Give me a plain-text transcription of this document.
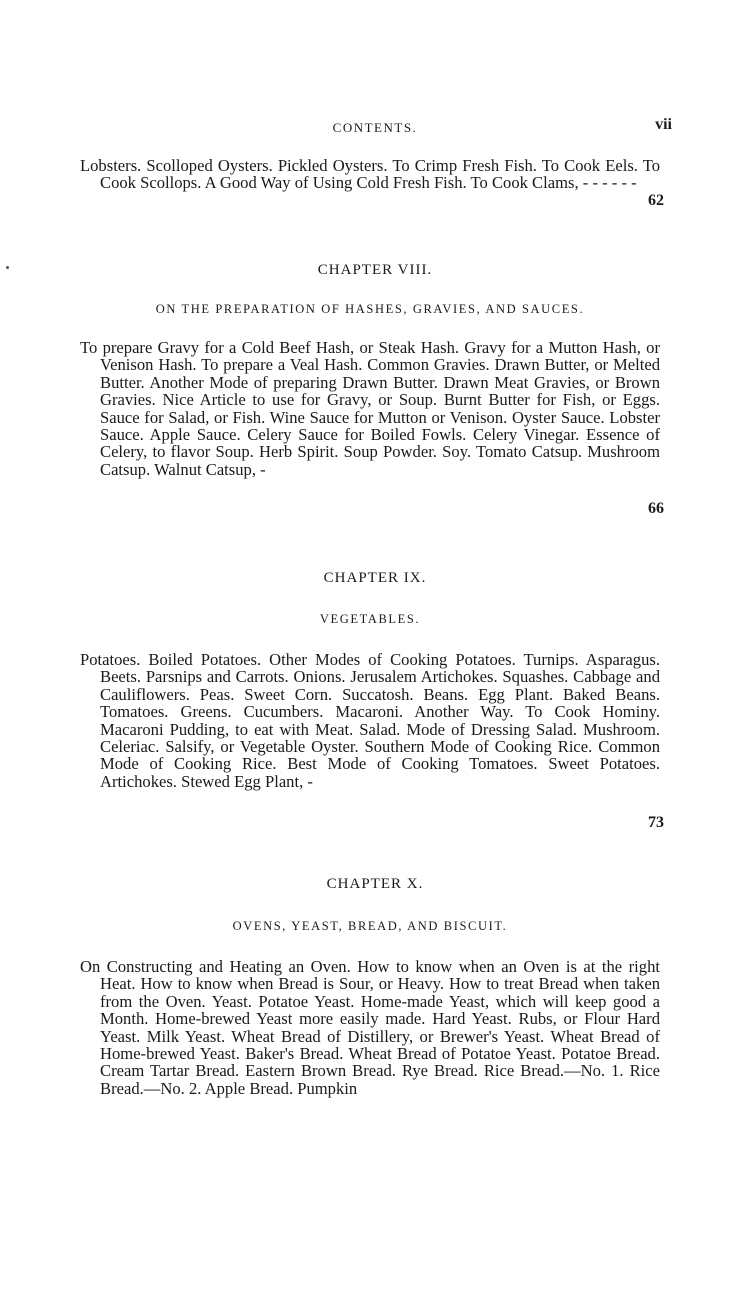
CONTENTS.	vii
Lobsters. Scolloped Oysters. Pickled Oysters. To Crimp Fresh Fish. To Cook Eels. To Cook Scollops. A Good Way of Using Cold Fresh Fish. To Cook Clams, - - - - - -
62
CHAPTER VIII.
ON THE PREPARATION OF HASHES, GRAVIES, AND SAUCES.
To prepare Gravy for a Cold Beef Hash, or Steak Hash. Gravy for a Mutton Hash, or Venison Hash. To prepare a Veal Hash. Common Gravies. Drawn Butter, or Melted Butter. Another Mode of preparing Drawn Butter. Drawn Meat Gravies, or Brown Gravies. Nice Article to use for Gravy, or Soup. Burnt Butter for Fish, or Eggs. Sauce for Salad, or Fish. Wine Sauce for Mutton or Venison. Oyster Sauce. Lobster Sauce. Apple Sauce. Celery Sauce for Boiled Fowls. Celery Vinegar. Essence of Celery, to flavor Soup. Herb Spirit. Soup Powder. Soy. Tomato Catsup. Mushroom Catsup. Walnut Catsup, -
66
CHAPTER IX.
VEGETABLES.
Potatoes. Boiled Potatoes. Other Modes of Cooking Potatoes. Turnips. Asparagus. Beets. Parsnips and Carrots. Onions. Jerusalem Artichokes. Squashes. Cabbage and Cauliflowers. Peas. Sweet Corn. Succatosh. Beans. Egg Plant. Baked Beans. Tomatoes. Greens. Cucumbers. Macaroni. Another Way. To Cook Hominy. Macaroni Pudding, to eat with Meat. Salad. Mode of Dressing Salad. Mushroom. Celeriac. Salsify, or Vegetable Oyster. Southern Mode of Cooking Rice. Common Mode of Cooking Rice. Best Mode of Cooking Tomatoes. Sweet Potatoes. Artichokes. Stewed Egg Plant, -
73
CHAPTER X.
OVENS, YEAST, BREAD, AND BISCUIT.
On Constructing and Heating an Oven. How to know when an Oven is at the right Heat. How to know when Bread is Sour, or Heavy. How to treat Bread when taken from the Oven. Yeast. Potatoe Yeast. Home-made Yeast, which will keep good a Month. Home-brewed Yeast more easily made. Hard Yeast. Rubs, or Flour Hard Yeast. Milk Yeast. Wheat Bread of Distillery, or Brewer's Yeast. Wheat Bread of Home-brewed Yeast. Baker's Bread. Wheat Bread of Potatoe Yeast. Potatoe Bread. Cream Tartar Bread. Eastern Brown Bread. Rye Bread. Rice Bread.—No. 1. Rice Bread.—No. 2. Apple Bread. Pumpkin
